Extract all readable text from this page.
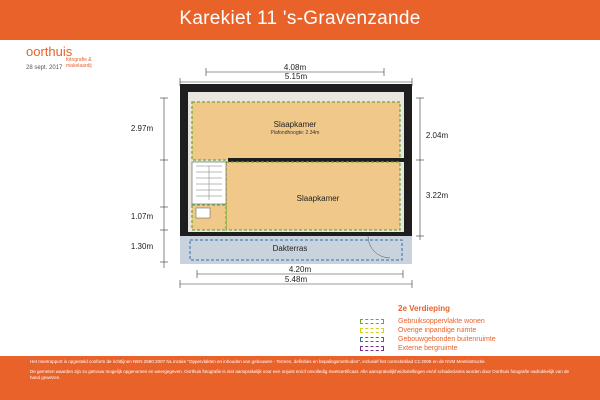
Karekiet 11 's-Gravenzande
oorthuis
fotografie & makelaardij
28 sept. 2017	4.08m
5.15m
2.97m
1.07m
1.30m
2.04m
3.22m
Slaapkamer
Plafondhoogte: 2.34m
Slaapkamer
Dakterras
4.20m
5.48m
2e Verdieping
Gebruiksoppervlakte wonen
Overige inpandige ruimte
Gebouwgebonden buitenruimte
Externe bergruimte

Het meetrapport is opgesteld conform de richtlijnen NEN 2580:2007 NL inzake "Oppervlakten en inhouden van gebouwen - Termen, definities en bepalingsmethoden", inclusief het correctieblad C1:2008 en de NVM Meetinstructie.

De gemeten waarden zijn zo getrouw mogelijk opgenomen en weergegeven. Oorthuis fotografie is niet aansprakelijk voor een onjuist en/of onvolledig meetcertificaat. Alle aansprakelijkheidsstellingen en/of schadeclaims worden door Oorthuis fotografie nadrukkelijk van de hand gewezen.
